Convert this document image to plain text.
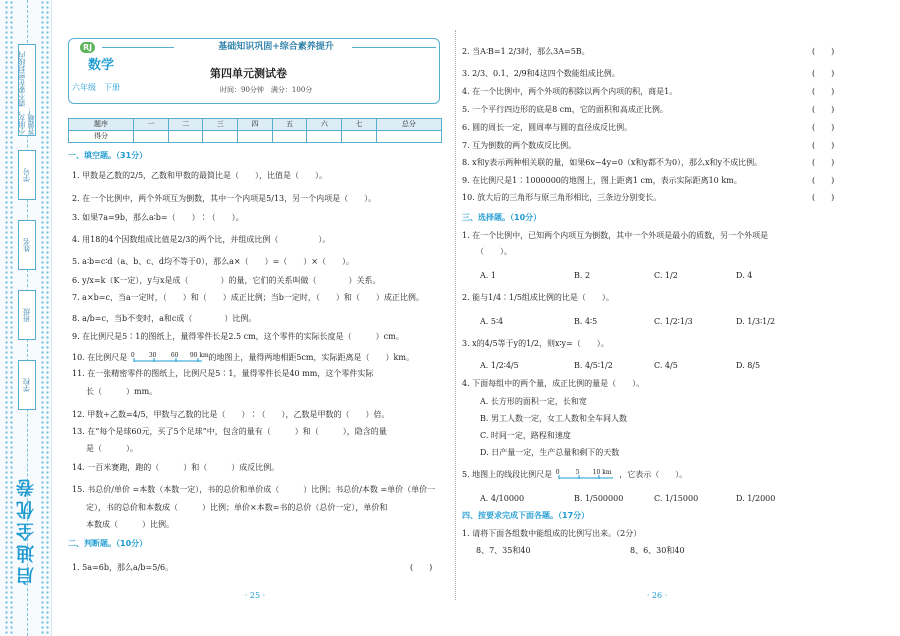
小朋友，请不要在密封线内答题哦！
学号
姓名
班级
学校
启迪全优卷
RJ	基础知识巩固+综合素养提升
数学
六年级　下册
第四单元测试卷
时间：90分钟　满分：100分
题序	一	二	三	四	五	六	七	总分
得分								
一、填空题。（31分）
1. 甲数是乙数的2/5，乙数和甲数的最简比是（　　），比值是（　　）。
2. 在一个比例中，两个外项互为倒数，其中一个内项是5/13，另一个内项是（　　）。
3. 如果7a=9b，那么a∶b=（　　）∶（　　）。
4. 用18的4个因数组成比值是2/3的两个比，并组成比例（　　　　　）。
5. a∶b=c∶d（a、b、c、d均不等于0），那么a×（　　）=（　　）×（　　）。
6. y/x=k（K一定），y与x是成（　　　　）的量，它们的关系叫做（　　　　）关系。
7. a×b=c，当a一定时，（　　）和（　　）成正比例；当b一定时，（　　）和（　　）成正比例。
8. a/b=c，当b不变时，a和c成（　　　　）比例。
9. 在比例尺是5∶1的图纸上，量得零件长是2.5 cm，这个零件的实际长度是（　　　）cm。
10. 在比例尺是 0 30 60 90 km 的地图上，量得两地相距5cm，实际距离是（　　）km。
11. 在一张精密零件的图纸上，比例尺是5∶1，量得零件长是40 mm，这个零件实际
长（　　　）mm。
12. 甲数÷乙数=4/5，甲数与乙数的比是（　　）∶（　　），乙数是甲数的（　　）倍。
13. 在“每个是球60元，买了5个足球”中，包含的量有（　　　）和（　　　），隐含的量
是（　　　）。
14. 一百米赛跑，跑的（　　　）和（　　　）成反比例。
15. 书总价/单价 =本数（本数一定），书的总价和单价成（　　　）比例；书总价/本数 =单价（单价一
定），书的总价和本数成（　　　）比例；单价×本数=书的总价（总价一定），单价和
本数成（　　　）比例。
二、判断题。（10分）
1. 5a=6b，那么a/b=5/6。	(　　)
· 25 ·
2. 当A∶B=1 2/3时，那么3A=5B。	(　　)
3. 2/3、0.1、2/9和4这四个数能组成比例。	(　　)
4. 在一个比例中，两个外项的积除以两个内项的积，商是1。	(　　)
5. 一个平行四边形的底是8 cm，它的面积和高成正比例。	(　　)
6. 圆的周长一定，圆周率与圆的直径成反比例。	(　　)
7. 互为倒数的两个数成反比例。	(　　)
8. x和y表示两种相关联的量，如果6x−4y=0（x和y都不为0），那么x和y不成比例。	(　　)
9. 在比例尺是1∶1000000的地图上，图上距离1 cm，表示实际距离10 km。	(　　)
10. 放大后的三角形与原三角形相比，三条边分别变长。	(　　)
三、选择题。（10分）
1. 在一个比例中，已知两个内项互为倒数，其中一个外项是最小的质数，另一个外项是
（　　）。
A. 1	B. 2	C. 1/2	D. 4
2. 能与1/4∶1/5组成比例的比是（　　）。
A. 5∶4	B. 4∶5	C. 1/2∶1/3	D. 1/3∶1/2
3. x的4/5等于y的1/2，则x∶y=（　　）。
A. 1/2∶4/5	B. 4/5∶1/2	C. 4/5	D. 8/5
4. 下面每组中的两个量，成正比例的量是（　　）。
A. 长方形的面积一定，长和宽
B. 男工人数一定，女工人数和全车间人数
C. 时间一定，路程和速度
D. 日产量一定，生产总量和剩下的天数
5. 地图上的线段比例尺是 0	5 10 km ，它表示（　　）。
A. 4/10000	B. 1/500000	C. 1/15000	D. 1/2000
四、按要求完成下面各题。（17分）
1. 请将下面各组数中能组成的比例写出来。（2分）
8、7、35和40	8、6、30和40
· 26 ·
